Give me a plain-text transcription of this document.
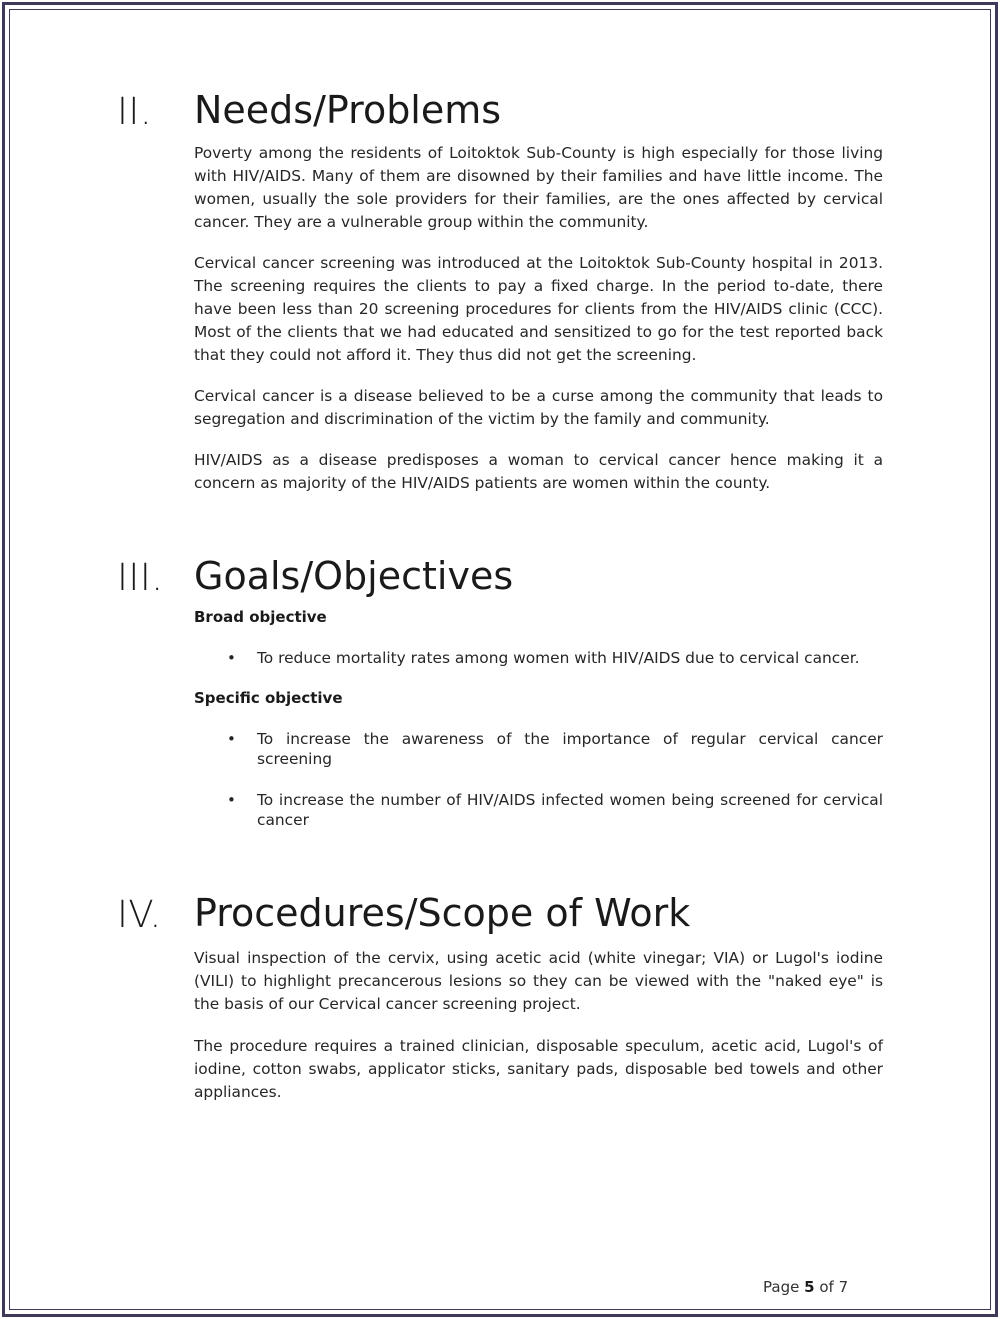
II. Needs/Problems

Poverty among the residents of Loitoktok Sub-County is high especially for those living with HIV/AIDS. Many of them are disowned by their families and have little income. The women, usually the sole providers for their families, are the ones affected by cervical cancer. They are a vulnerable group within the community.

Cervical cancer screening was introduced at the Loitoktok Sub-County hospital in 2013. The screening requires the clients to pay a fixed charge. In the period to-date, there have been less than 20 screening procedures for clients from the HIV/AIDS clinic (CCC). Most of the clients that we had educated and sensitized to go for the test reported back that they could not afford it. They thus did not get the screening.

Cervical cancer is a disease believed to be a curse among the community that leads to segregation and discrimination of the victim by the family and community.

HIV/AIDS as a disease predisposes a woman to cervical cancer hence making it a concern as majority of the HIV/AIDS patients are women within the county.

III. Goals/Objectives
Broad objective
• To reduce mortality rates among women with HIV/AIDS due to cervical cancer.

Specific objective
• To increase the awareness of the importance of regular cervical cancer screening

• To increase the number of HIV/AIDS infected women being screened for cervical cancer

IV. Procedures/Scope of Work

Visual inspection of the cervix, using acetic acid (white vinegar; VIA) or Lugol's iodine (VILI) to highlight precancerous lesions so they can be viewed with the "naked eye" is the basis of our Cervical cancer screening project.

The procedure requires a trained clinician, disposable speculum, acetic acid, Lugol's of iodine, cotton swabs, applicator sticks, sanitary pads, disposable bed towels and other appliances.

Page 5 of 7
